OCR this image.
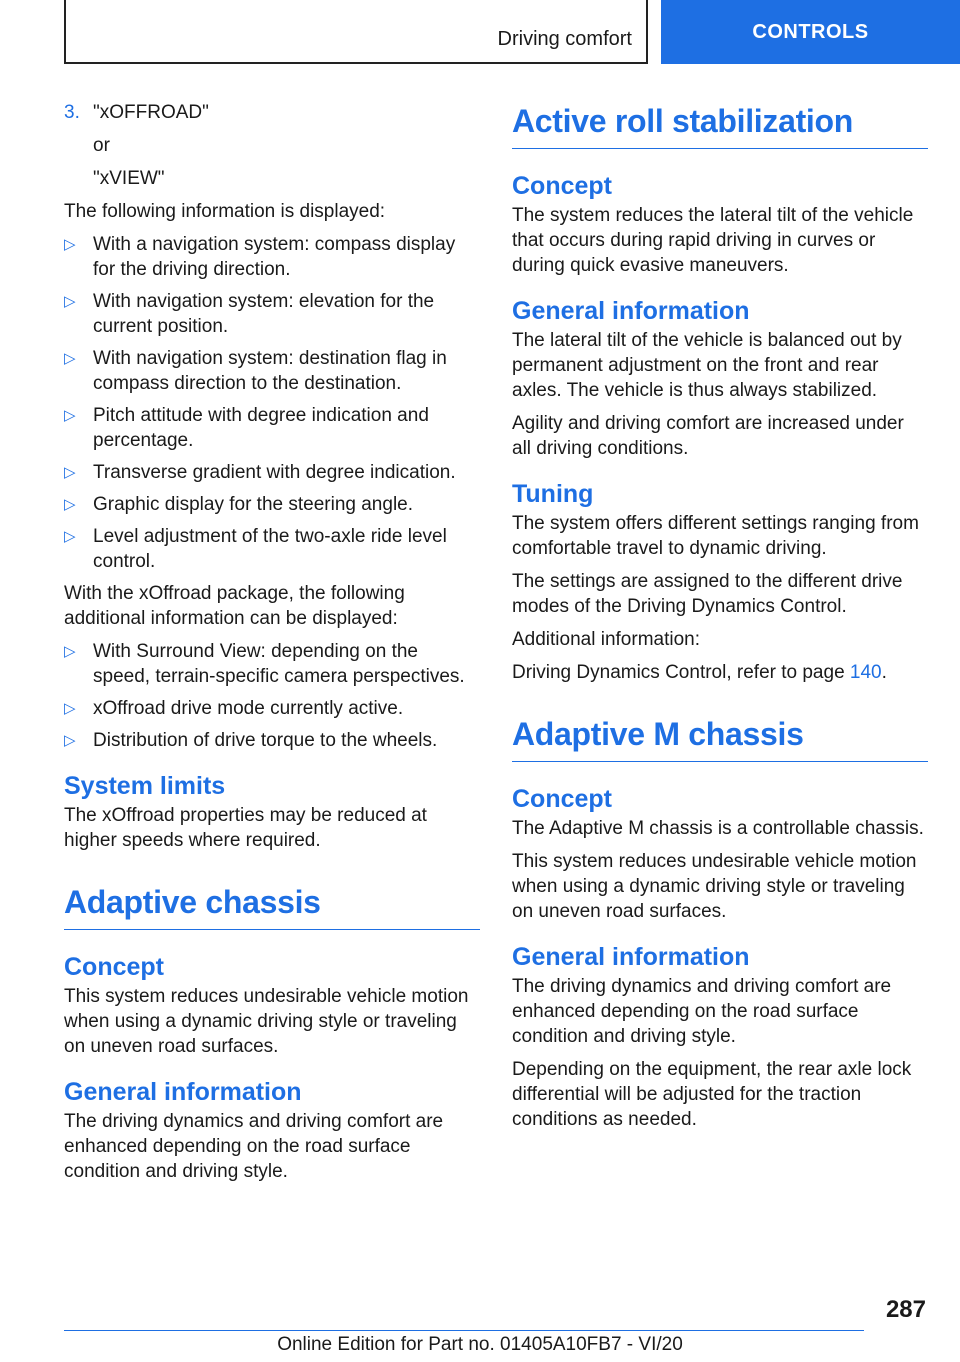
Driving comfort	CONTROLS
3. "xOFFROAD"

or

"xVIEW"

The following information is displayed:

▷ With a navigation system: compass display for the driving direction.
▷ With navigation system: elevation for the current position.
▷ With navigation system: destination flag in compass direction to the destination.
▷ Pitch attitude with degree indication and percentage.
▷ Transverse gradient with degree indication.
▷ Graphic display for the steering angle.
▷ Level adjustment of the two-axle ride level control.

With the xOffroad package, the following additional information can be displayed:

▷ With Surround View: depending on the speed, terrain-specific camera perspectives.
▷ xOffroad drive mode currently active.
▷ Distribution of drive torque to the wheels.
System limits

The xOffroad properties may be reduced at higher speeds where required.

Adaptive chassis
Concept

This system reduces undesirable vehicle motion when using a dynamic driving style or traveling on uneven road surfaces.

General information

The driving dynamics and driving comfort are enhanced depending on the road surface condition and driving style.

Active roll stabilization
Concept

The system reduces the lateral tilt of the vehicle that occurs during rapid driving in curves or during quick evasive maneuvers.

General information

The lateral tilt of the vehicle is balanced out by permanent adjustment on the front and rear axles. The vehicle is thus always stabilized.

Agility and driving comfort are increased under all driving conditions.

Tuning

The system offers different settings ranging from comfortable travel to dynamic driving.

The settings are assigned to the different drive modes of the Driving Dynamics Control.

Additional information:

Driving Dynamics Control, refer to page 140.

Adaptive M chassis
Concept

The Adaptive M chassis is a controllable chassis.

This system reduces undesirable vehicle motion when using a dynamic driving style or traveling on uneven road surfaces.

General information

The driving dynamics and driving comfort are enhanced depending on the road surface condition and driving style.

Depending on the equipment, the rear axle lock differential will be adjusted for the traction conditions as needed.

287
Online Edition for Part no. 01405A10FB7 - VI/20
